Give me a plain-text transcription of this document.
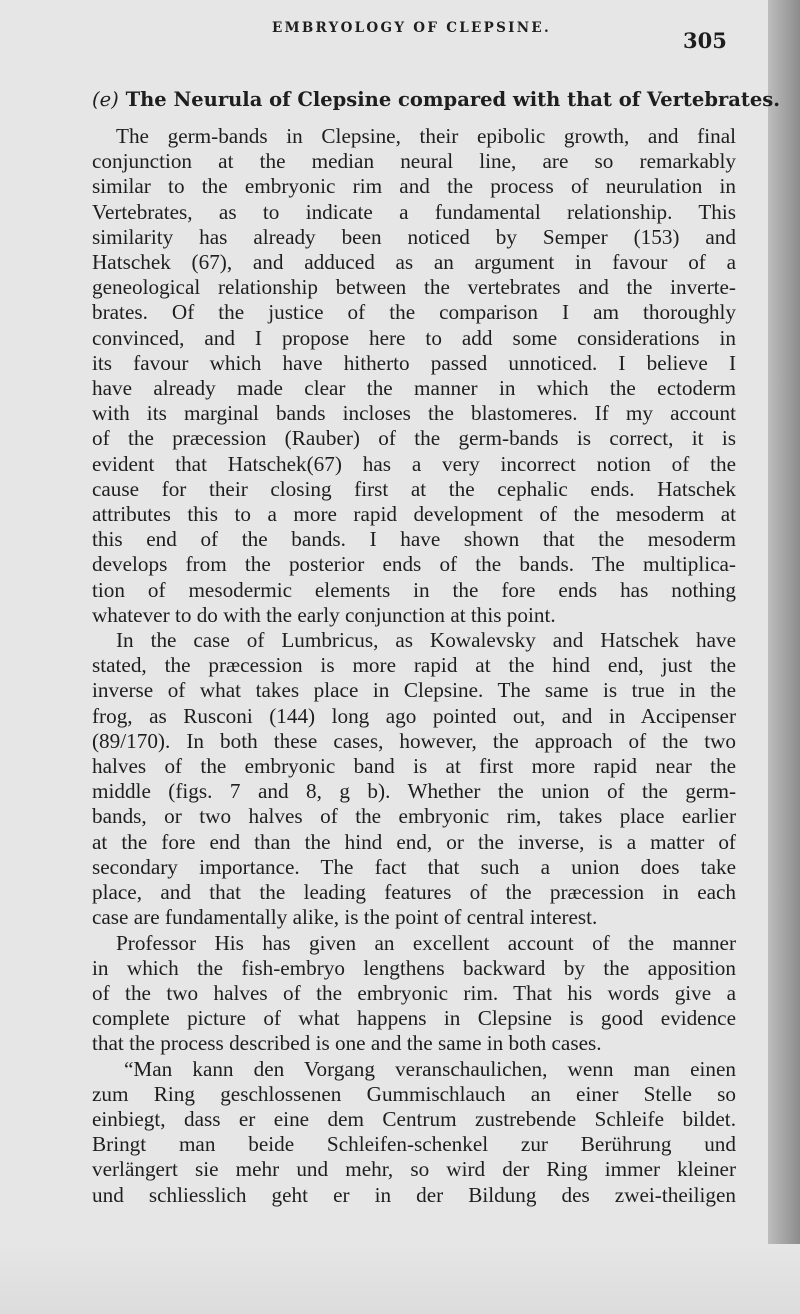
EMBRYOLOGY OF CLEPSINE.	305
(e) The Neurula of Clepsine compared with that of Vertebrates.
The germ-bands in Clepsine, their epibolic growth, and final
conjunction at the median neural line, are so remarkably
similar to the embryonic rim and the process of neurulation in
Vertebrates, as to indicate a fundamental relationship. This
similarity has already been noticed by Semper (153) and
Hatschek (67), and adduced as an argument in favour of a
geneological relationship between the vertebrates and the inverte-
brates. Of the justice of the comparison I am thoroughly
convinced, and I propose here to add some considerations in
its favour which have hitherto passed unnoticed. I believe I
have already made clear the manner in which the ectoderm
with its marginal bands incloses the blastomeres. If my account
of the præcession (Rauber) of the germ-bands is correct, it is
evident that Hatschek(67) has a very incorrect notion of the
cause for their closing first at the cephalic ends. Hatschek
attributes this to a more rapid development of the mesoderm at
this end of the bands. I have shown that the mesoderm
develops from the posterior ends of the bands. The multiplica-
tion of mesodermic elements in the fore ends has nothing
whatever to do with the early conjunction at this point.
In the case of Lumbricus, as Kowalevsky and Hatschek have
stated, the præcession is more rapid at the hind end, just the
inverse of what takes place in Clepsine. The same is true in the
frog, as Rusconi (144) long ago pointed out, and in Accipenser
(89/170). In both these cases, however, the approach of the two
halves of the embryonic band is at first more rapid near the
middle (figs. 7 and 8, g b). Whether the union of the germ-
bands, or two halves of the embryonic rim, takes place earlier
at the fore end than the hind end, or the inverse, is a matter of
secondary importance. The fact that such a union does take
place, and that the leading features of the præcession in each
case are fundamentally alike, is the point of central interest.
Professor His has given an excellent account of the manner
in which the fish-embryo lengthens backward by the apposition
of the two halves of the embryonic rim. That his words give a
complete picture of what happens in Clepsine is good evidence
that the process described is one and the same in both cases.
“Man kann den Vorgang veranschaulichen, wenn man einen
zum Ring geschlossenen Gummischlauch an einer Stelle so
einbiegt, dass er eine dem Centrum zustrebende Schleife bildet.
Bringt man beide Schleifen-schenkel zur Berührung und
verlängert sie mehr und mehr, so wird der Ring immer kleiner
und schliesslich geht er in der Bildung des zwei-theiligen
